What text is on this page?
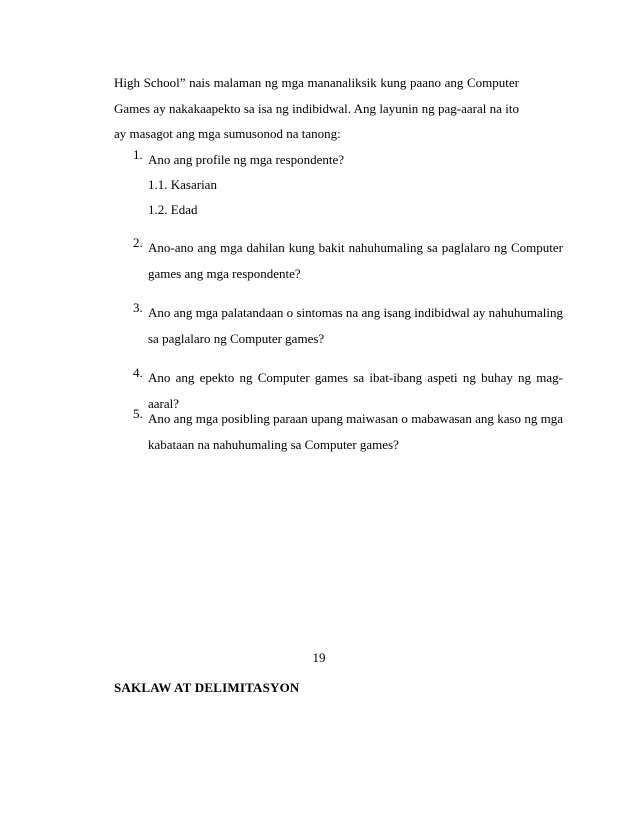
High School” nais malaman ng mga mananaliksik kung paano ang Computer Games ay nakakaapekto sa isa ng indibidwal. Ang layunin ng pag-aaral na ito ay masagot ang mga sumusonod na tanong:

1. Ano ang profile ng mga respondente?
1.1. Kasarian
1.2. Edad
2. Ano-ano ang mga dahilan kung bakit nahuhumaling sa paglalaro ng Computer games ang mga respondente?
3. Ano ang mga palatandaan o sintomas na ang isang indibidwal ay nahuhumaling sa paglalaro ng Computer games?
4. Ano ang epekto ng Computer games sa ibat-ibang aspeti ng buhay ng mag-aaral?
5. Ano ang mga posibling paraan upang maiwasan o mabawasan ang kaso ng mga kabataan na nahuhumaling sa Computer games?
19
SAKLAW AT DELIMITASYON
